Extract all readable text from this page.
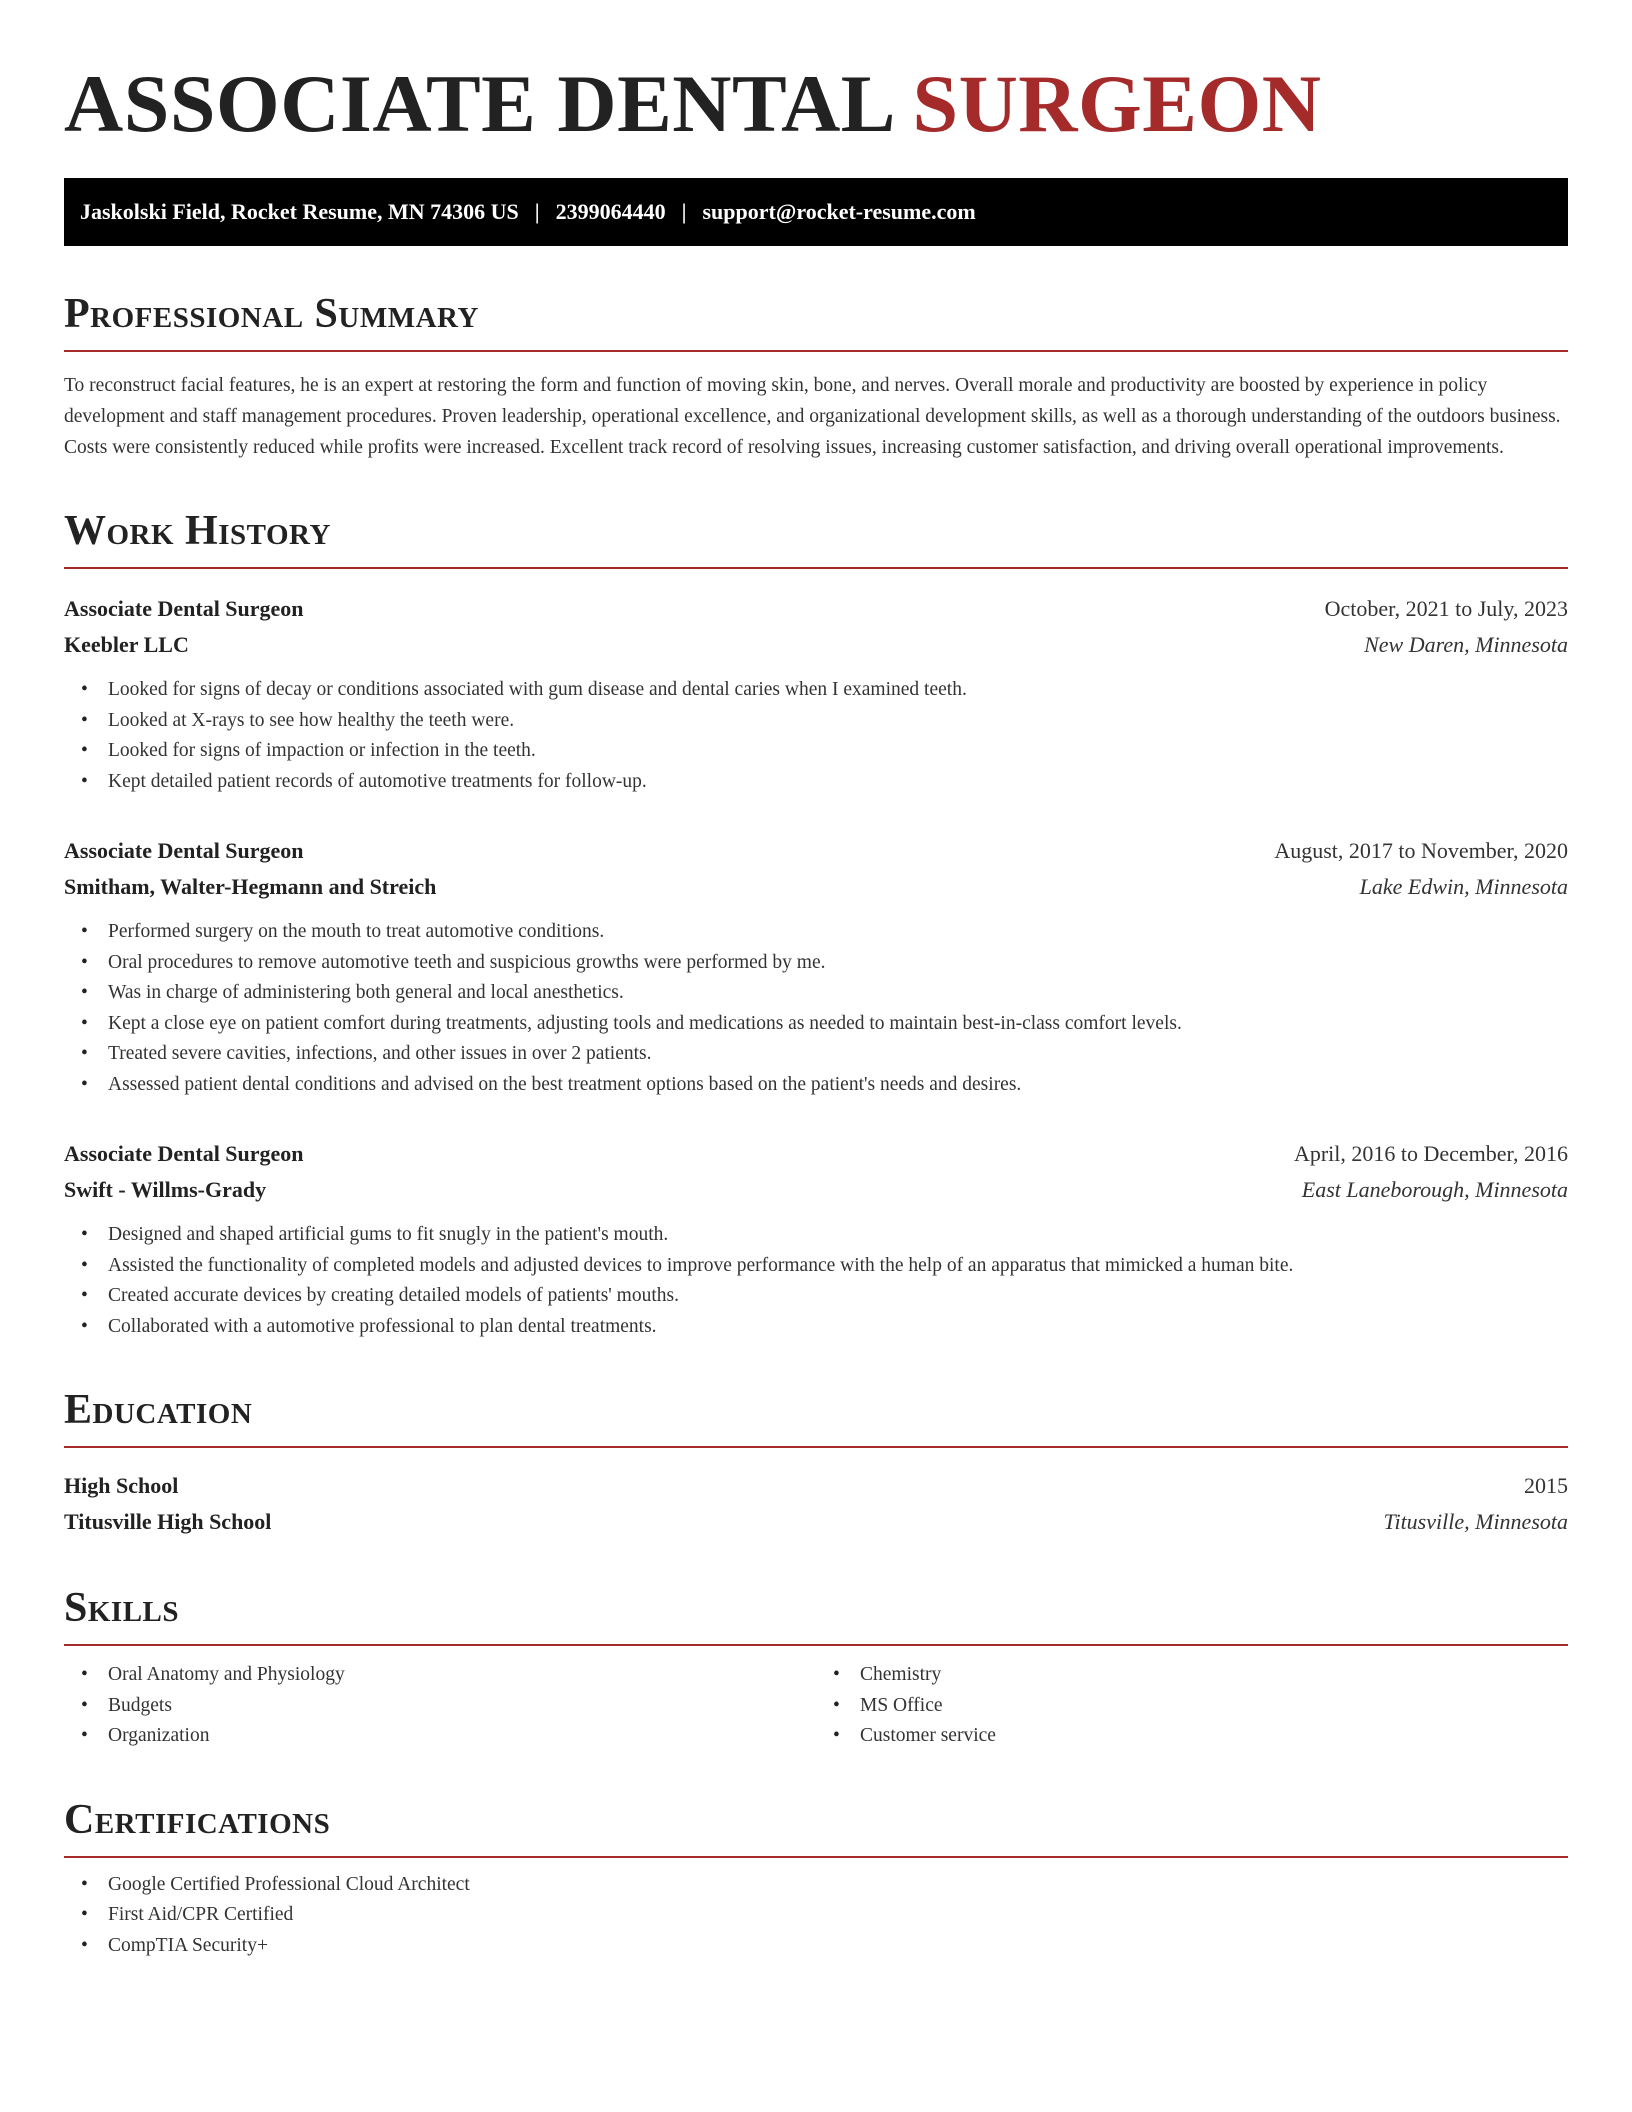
ASSOCIATE DENTAL SURGEON
Jaskolski Field, Rocket Resume, MN 74306 US | 2399064440 | support@rocket-resume.com
Professional Summary

To reconstruct facial features, he is an expert at restoring the form and function of moving skin, bone, and nerves. Overall morale and productivity are boosted by experience in policy development and staff management procedures. Proven leadership, operational excellence, and organizational development skills, as well as a thorough understanding of the outdoors business. Costs were consistently reduced while profits were increased. Excellent track record of resolving issues, increasing customer satisfaction, and driving overall operational improvements.

Work History
Associate Dental Surgeon	October, 2021 to July, 2023
Keebler LLC	New Daren, Minnesota
• Looked for signs of decay or conditions associated with gum disease and dental caries when I examined teeth.
• Looked at X-rays to see how healthy the teeth were.
• Looked for signs of impaction or infection in the teeth.
• Kept detailed patient records of automotive treatments for follow-up.
Associate Dental Surgeon	August, 2017 to November, 2020
Smitham, Walter-Hegmann and Streich	Lake Edwin, Minnesota
• Performed surgery on the mouth to treat automotive conditions.
• Oral procedures to remove automotive teeth and suspicious growths were performed by me.
• Was in charge of administering both general and local anesthetics.
• Kept a close eye on patient comfort during treatments, adjusting tools and medications as needed to maintain best-in-class comfort levels.
• Treated severe cavities, infections, and other issues in over 2 patients.
• Assessed patient dental conditions and advised on the best treatment options based on the patient's needs and desires.
Associate Dental Surgeon	April, 2016 to December, 2016
Swift - Willms-Grady	East Laneborough, Minnesota
• Designed and shaped artificial gums to fit snugly in the patient's mouth.
• Assisted the functionality of completed models and adjusted devices to improve performance with the help of an apparatus that mimicked a human bite.
• Created accurate devices by creating detailed models of patients' mouths.
• Collaborated with a automotive professional to plan dental treatments.
Education
High School	2015
Titusville High School	Titusville, Minnesota
Skills
• Oral Anatomy and Physiology
• Budgets
• Organization
• Chemistry
• MS Office
• Customer service
Certifications
• Google Certified Professional Cloud Architect
• First Aid/CPR Certified
• CompTIA Security+
